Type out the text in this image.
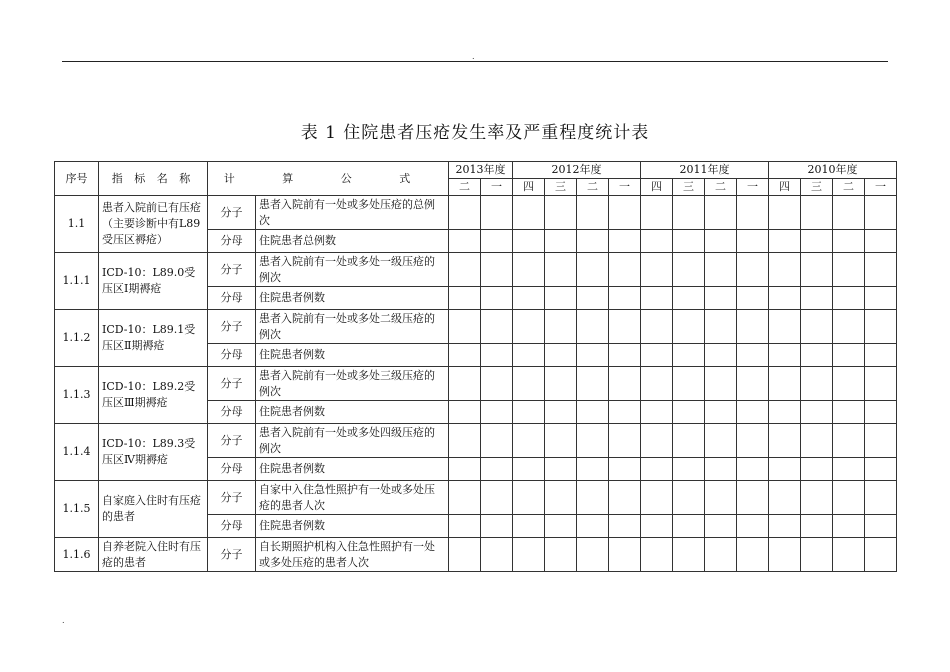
.
表 1 住院患者压疮发生率及严重程度统计表
序号	指 标 名 称	计 算 公 式		2013年度		2012年度				2011年度				2010年度			
				二	一	四	三	二	一	四	三	二	一	四	三	二	一
1.1	患者入院前已有压疮（主要诊断中有L89 受压区褥疮）	分子	患者入院前有一处或多处压疮的总例次														
		分母	住院患者总例数														
1.1.1	ICD-10：L89.0受压区Ⅰ期褥疮	分子	患者入院前有一处或多处一级压疮的例次														
		分母	住院患者例数														
1.1.2	ICD-10：L89.1受压区Ⅱ期褥疮	分子	患者入院前有一处或多处二级压疮的例次														
		分母	住院患者例数														
1.1.3	ICD-10：L89.2受压区Ⅲ期褥疮	分子	患者入院前有一处或多处三级压疮的例次														
		分母	住院患者例数														
1.1.4	ICD-10：L89.3受压区Ⅳ期褥疮	分子	患者入院前有一处或多处四级压疮的例次														
		分母	住院患者例数														
1.1.5	自家庭入住时有压疮的患者	分子	自家中入住急性照护有一处或多处压疮的患者人次														
		分母	住院患者例数														
1.1.6	自养老院入住时有压疮的患者	分子	自长期照护机构入住急性照护有一处或多处压疮的患者人次														
.
